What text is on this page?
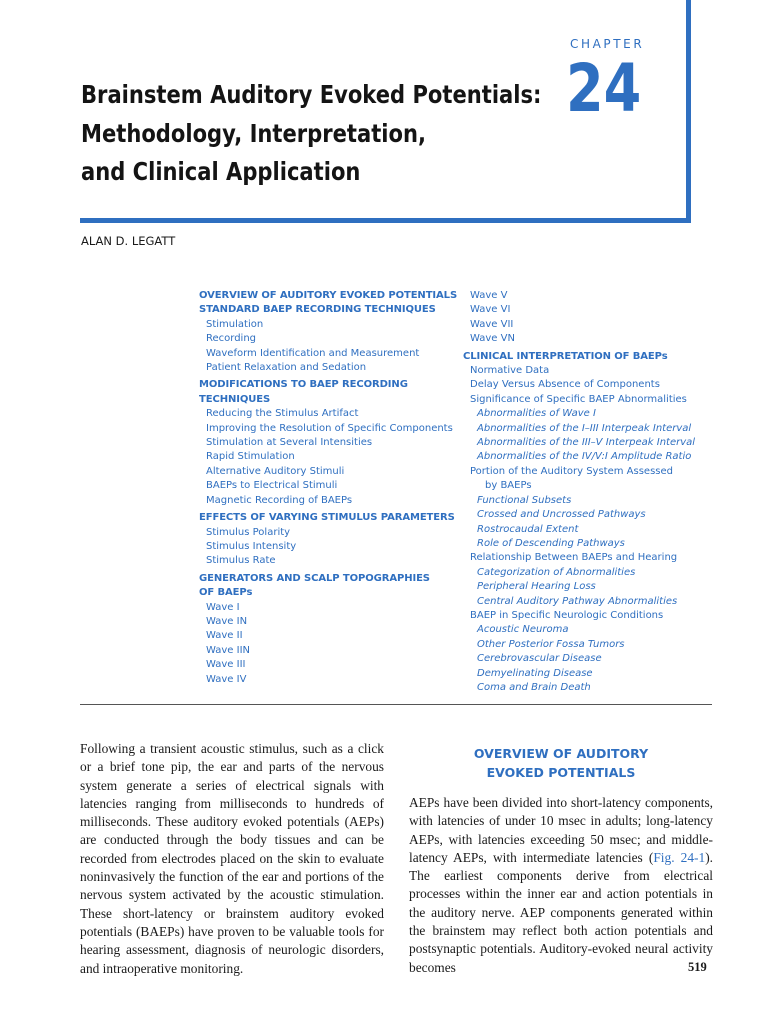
CHAPTER
24
Brainstem Auditory Evoked Potentials:
Methodology, Interpretation,
and Clinical Application
ALAN D. LEGATT
OVERVIEW OF AUDITORY EVOKED POTENTIALS
STANDARD BAEP RECORDING TECHNIQUES
Stimulation
Recording
Waveform Identification and Measurement
Patient Relaxation and Sedation
MODIFICATIONS TO BAEP RECORDING
TECHNIQUES
Reducing the Stimulus Artifact
Improving the Resolution of Specific Components
Stimulation at Several Intensities
Rapid Stimulation
Alternative Auditory Stimuli
BAEPs to Electrical Stimuli
Magnetic Recording of BAEPs
EFFECTS OF VARYING STIMULUS PARAMETERS
Stimulus Polarity
Stimulus Intensity
Stimulus Rate
GENERATORS AND SCALP TOPOGRAPHIES
OF BAEPs
Wave I
Wave IN
Wave II
Wave IIN
Wave III
Wave IV
Wave V
Wave VI
Wave VII
Wave VN
CLINICAL INTERPRETATION OF BAEPs
Normative Data
Delay Versus Absence of Components
Significance of Specific BAEP Abnormalities
Abnormalities of Wave I
Abnormalities of the I–III Interpeak Interval
Abnormalities of the III–V Interpeak Interval
Abnormalities of the IV/V:I Amplitude Ratio
Portion of the Auditory System Assessed
by BAEPs
Functional Subsets
Crossed and Uncrossed Pathways
Rostrocaudal Extent
Role of Descending Pathways
Relationship Between BAEPs and Hearing
Categorization of Abnormalities
Peripheral Hearing Loss
Central Auditory Pathway Abnormalities
BAEP in Specific Neurologic Conditions
Acoustic Neuroma
Other Posterior Fossa Tumors
Cerebrovascular Disease
Demyelinating Disease
Coma and Brain Death

Following a transient acoustic stimulus, such as a click or a brief tone pip, the ear and parts of the nervous system generate a series of electrical signals with latencies ranging from milliseconds to hundreds of milliseconds. These auditory evoked potentials (AEPs) are conducted through the body tissues and can be recorded from electrodes placed on the skin to evaluate noninvasively the function of the ear and portions of the nervous system activated by the acoustic stimulation. These short-latency or brainstem auditory evoked potentials (BAEPs) have proven to be valuable tools for hearing assessment, diagnosis of neurologic disorders, and intraoperative monitoring.

OVERVIEW OF AUDITORY
EVOKED POTENTIALS

AEPs have been divided into short-latency components, with latencies of under 10 msec in adults; long-latency AEPs, with latencies exceeding 50 msec; and middle-latency AEPs, with intermediate latencies (Fig. 24-1). The earliest components derive from electrical processes within the inner ear and action potentials in the auditory nerve. AEP components generated within the brainstem may reflect both action potentials and postsynaptic potentials. Auditory-evoked neural activity becomes	519
